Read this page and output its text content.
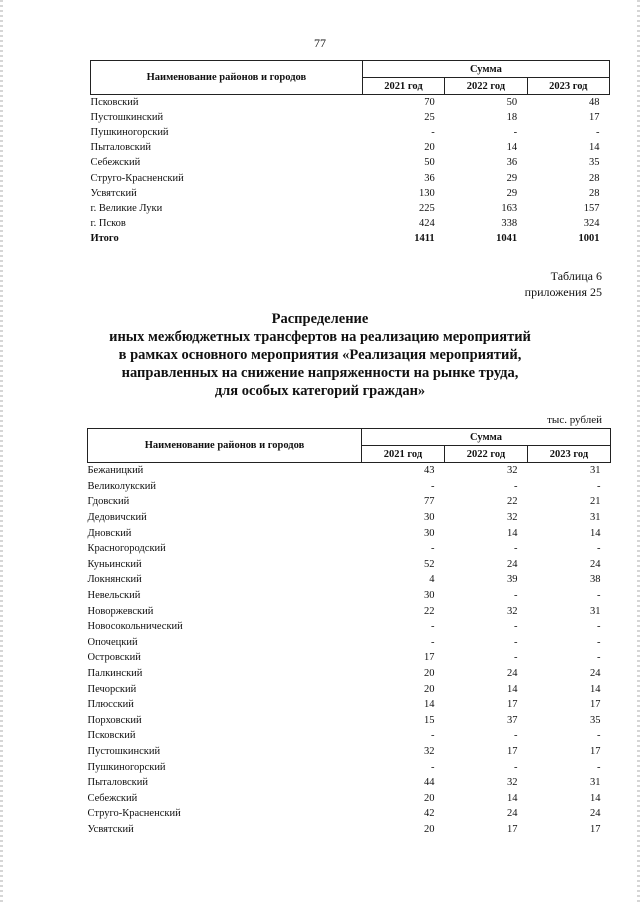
77
Наименование районов и городов	Сумма		
	2021 год	2022 год	2023 год
Псковский	70	50	48
Пустошкинский	25	18	17
Пушкиногорский	-	-	-
Пыталовский	20	14	14
Себежский	50	36	35
Струго-Красненский	36	29	28
Усвятский	130	29	28
г. Великие Луки	225	163	157
г. Псков	424	338	324
Итого	1411	1041	1001
Таблица 6
приложения 25
Распределение
иных межбюджетных трансфертов на реализацию мероприятий
в рамках основного мероприятия «Реализация мероприятий,
направленных на снижение напряженности на рынке труда,
для особых категорий граждан»
тыс. рублей
Наименование районов и городов	Сумма		
	2021 год	2022 год	2023 год
Бежаницкий	43	32	31
Великолукский	-	-	-
Гдовский	77	22	21
Дедовичский	30	32	31
Дновский	30	14	14
Красногородский	-	-	-
Куньинский	52	24	24
Локнянский	4	39	38
Невельский	30	-	-
Новоржевский	22	32	31
Новосокольнический	-	-	-
Опочецкий	-	-	-
Островский	17	-	-
Палкинский	20	24	24
Печорский	20	14	14
Плюсский	14	17	17
Порховский	15	37	35
Псковский	-	-	-
Пустошкинский	32	17	17
Пушкиногорский	-	-	-
Пыталовский	44	32	31
Себежский	20	14	14
Струго-Красненский	42	24	24
Усвятский	20	17	17
